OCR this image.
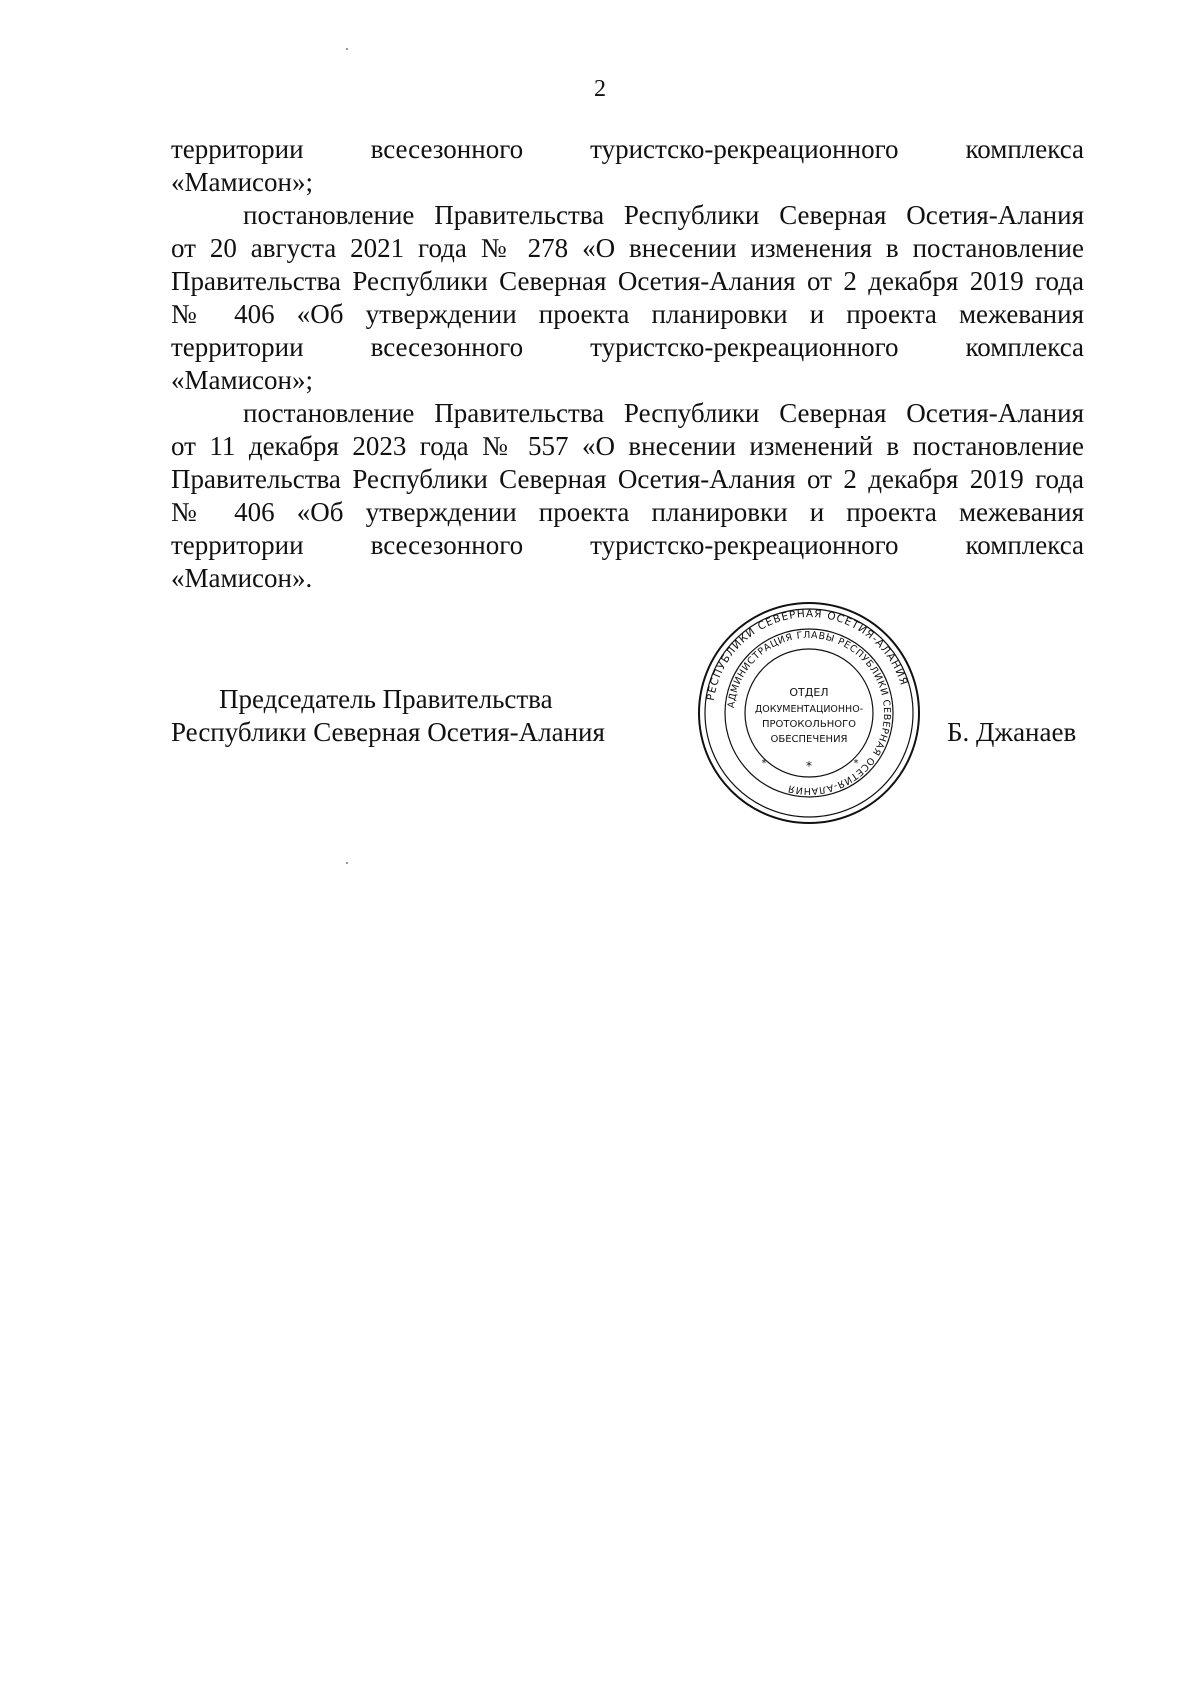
2
территории всесезонного туристско-рекреационного комплекса
«Мамисон»;
постановление Правительства Республики Северная Осетия-Алания
от 20 августа 2021 года № 278 «О внесении изменения в постановление
Правительства Республики Северная Осетия-Алания от 2 декабря 2019 года
№ 406 «Об утверждении проекта планировки и проекта межевания
территории всесезонного туристско-рекреационного комплекса
«Мамисон»;
постановление Правительства Республики Северная Осетия-Алания
от 11 декабря 2023 года № 557 «О внесении изменений в постановление
Правительства Республики Северная Осетия-Алания от 2 декабря 2019 года
№ 406 «Об утверждении проекта планировки и проекта межевания
территории всесезонного туристско-рекреационного комплекса
«Мамисон».
Председатель Правительства
Республики Северная Осетия-Алания
РЕСПУБЛИКИ СЕВЕРНАЯ ОСЕТИЯ-АЛАНИЯ
АДМИНИСТРАЦИЯ ГЛАВЫ РЕСПУБЛИКИ СЕВЕРНАЯ ОСЕТИЯ-АЛАНИЯ
ОТДЕЛ
ДОКУМЕНТАЦИОННО-
ПРОТОКОЛЬНОГО
ОБЕСПЕЧЕНИЯ
*
*	*
Б. Джанаев
